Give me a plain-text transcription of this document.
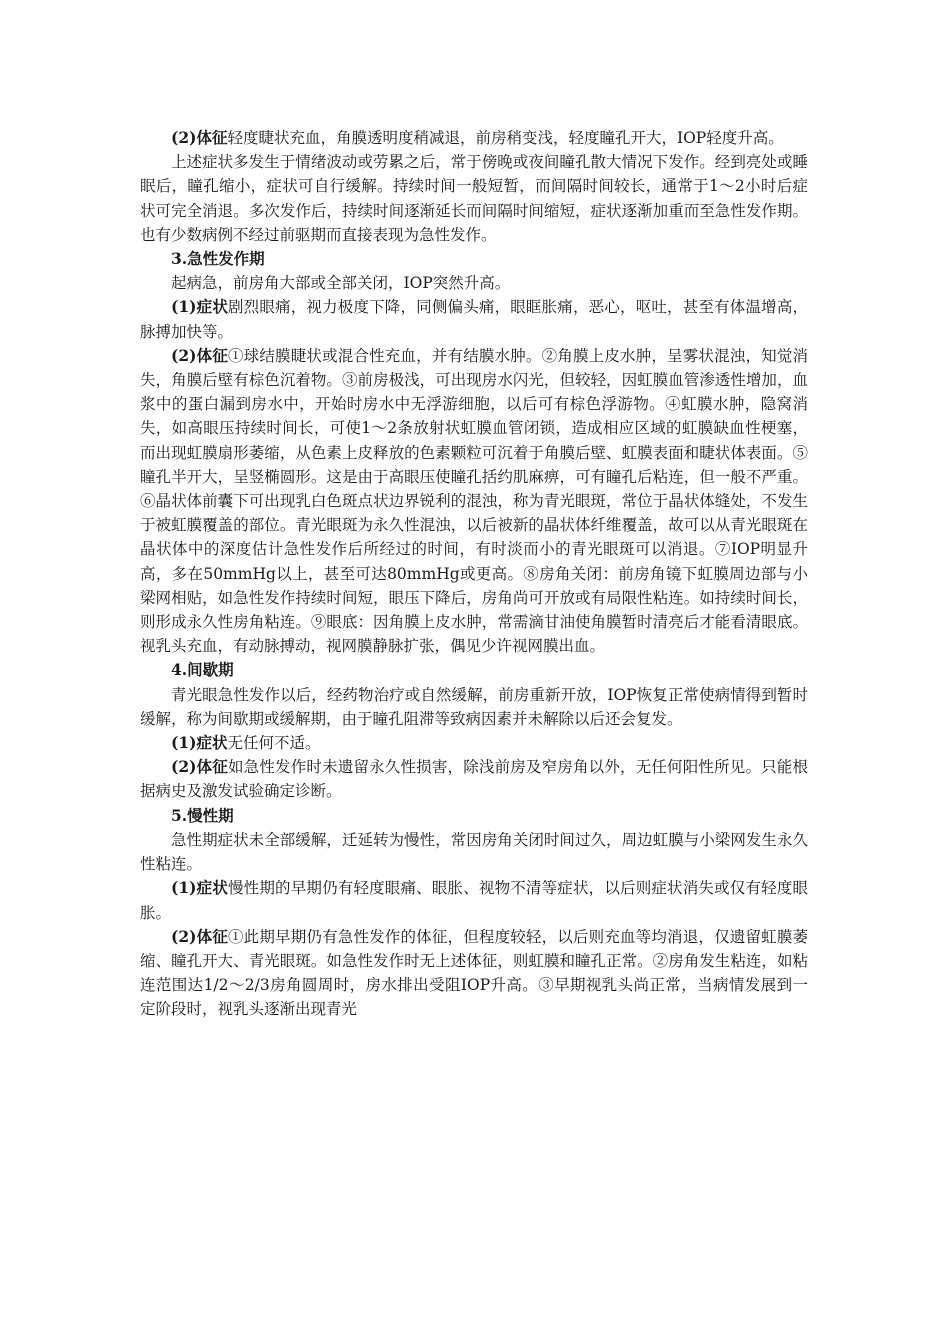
(2)体征轻度睫状充血，角膜透明度稍减退，前房稍变浅，轻度瞳孔开大，IOP轻度升高。

上述症状多发生于情绪波动或劳累之后，常于傍晚或夜间瞳孔散大情况下发作。经到亮处或睡眠后，瞳孔缩小，症状可自行缓解。持续时间一般短暂，而间隔时间较长，通常于1～2小时后症状可完全消退。多次发作后，持续时间逐渐延长而间隔时间缩短，症状逐渐加重而至急性发作期。也有少数病例不经过前驱期而直接表现为急性发作。

3.急性发作期

起病急，前房角大部或全部关闭，IOP突然升高。

(1)症状剧烈眼痛，视力极度下降，同侧偏头痛，眼眶胀痛，恶心，呕吐，甚至有体温增高，脉搏加快等。

(2)体征①球结膜睫状或混合性充血，并有结膜水肿。②角膜上皮水肿，呈雾状混浊，知觉消失，角膜后壁有棕色沉着物。③前房极浅，可出现房水闪光，但较轻，因虹膜血管渗透性增加，血浆中的蛋白漏到房水中，开始时房水中无浮游细胞，以后可有棕色浮游物。④虹膜水肿，隐窝消失，如高眼压持续时间长，可使1～2条放射状虹膜血管闭锁，造成相应区域的虹膜缺血性梗塞，而出现虹膜扇形萎缩，从色素上皮释放的色素颗粒可沉着于角膜后壁、虹膜表面和睫状体表面。⑤瞳孔半开大，呈竖椭圆形。这是由于高眼压使瞳孔括约肌麻痹，可有瞳孔后粘连，但一般不严重。⑥晶状体前囊下可出现乳白色斑点状边界锐利的混浊，称为青光眼斑，常位于晶状体缝处，不发生于被虹膜覆盖的部位。青光眼斑为永久性混浊，以后被新的晶状体纤维覆盖，故可以从青光眼斑在晶状体中的深度估计急性发作后所经过的时间，有时淡而小的青光眼斑可以消退。⑦IOP明显升高，多在50mmHg以上，甚至可达80mmHg或更高。⑧房角关闭：前房角镜下虹膜周边部与小梁网相贴，如急性发作持续时间短，眼压下降后，房角尚可开放或有局限性粘连。如持续时间长，则形成永久性房角粘连。⑨眼底：因角膜上皮水肿，常需滴甘油使角膜暂时清亮后才能看清眼底。视乳头充血，有动脉搏动，视网膜静脉扩张，偶见少许视网膜出血。

4.间歇期

青光眼急性发作以后，经药物治疗或自然缓解，前房重新开放，IOP恢复正常使病情得到暂时缓解，称为间歇期或缓解期，由于瞳孔阻滞等致病因素并未解除以后还会复发。

(1)症状无任何不适。

(2)体征如急性发作时未遗留永久性损害，除浅前房及窄房角以外，无任何阳性所见。只能根据病史及激发试验确定诊断。

5.慢性期

急性期症状未全部缓解，迁延转为慢性，常因房角关闭时间过久，周边虹膜与小梁网发生永久性粘连。

(1)症状慢性期的早期仍有轻度眼痛、眼胀、视物不清等症状，以后则症状消失或仅有轻度眼胀。

(2)体征①此期早期仍有急性发作的体征，但程度较轻，以后则充血等均消退，仅遗留虹膜萎缩、瞳孔开大、青光眼斑。如急性发作时无上述体征，则虹膜和瞳孔正常。②房角发生粘连，如粘连范围达1/2～2/3房角圆周时，房水排出受阻IOP升高。③早期视乳头尚正常，当病情发展到一定阶段时，视乳头逐渐出现青光
